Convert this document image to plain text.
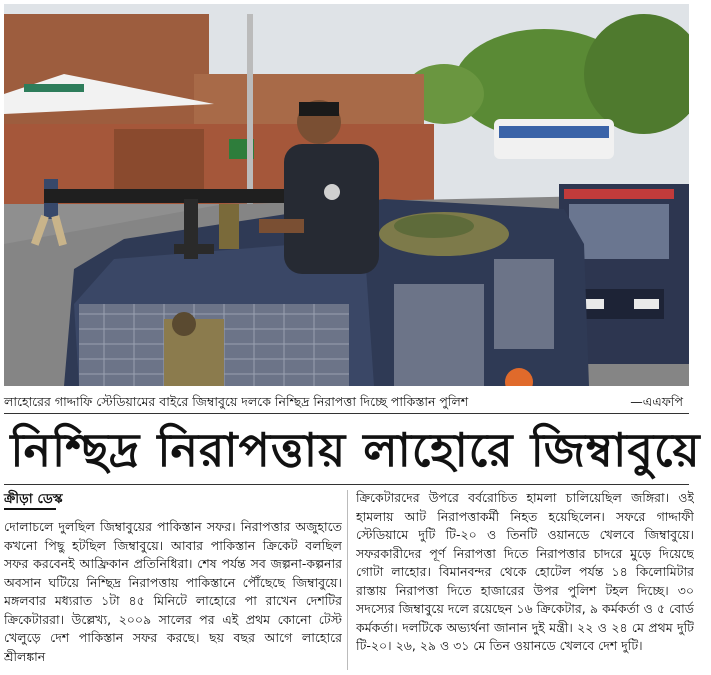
লাহোরের গাদ্দাফি স্টেডিয়ামের বাইরে জিম্বাবুয়ে দলকে নিশ্ছিদ্র নিরাপত্তা দিচ্ছে পাকিস্তান পুলিশ	—এএফপি
নিশ্ছিদ্র নিরাপত্তায় লাহোরে জিম্বাবুয়ে
ক্রীড়া ডেস্ক
দোলাচলে দুলছিল জিম্বাবুয়ের পাকিস্তান সফর। নিরাপত্তার অজুহাতে কখনো পিছু হটছিল জিম্বাবুয়ে। আবার পাকিস্তান ক্রিকেট বলছিল সফর করবেনই আফ্রিকান প্রতিনিধিরা। শেষ পর্যন্ত সব জল্পনা-কল্পনার অবসান ঘটিয়ে নিশ্ছিদ্র নিরাপত্তায় পাকিস্তানে পৌঁছেছে জিম্বাবুয়ে। মঙ্গলবার মধ্যরাত ১টা ৪৫ মিনিটে লাহোরে পা রাখেন দেশটির ক্রিকেটাররা। উল্লেখ্য, ২০০৯ সালের পর এই প্রথম কোনো টেস্ট খেলুড়ে দেশ পাকিস্তান সফর করছে। ছয় বছর আগে লাহোরে শ্রীলঙ্কান
ক্রিকেটারদের উপরে বর্বরোচিত হামলা চালিয়েছিল জঙ্গিরা। ওই হামলায় আট নিরাপত্তাকর্মী নিহত হয়েছিলেন। সফরে গাদ্দাফী স্টেডিয়ামে দুটি টি-২০ ও তিনটি ওয়ানডে খেলবে জিম্বাবুয়ে। সফরকারীদের পূর্ণ নিরাপত্তা দিতে নিরাপত্তার চাদরে মুড়ে দিয়েছে গোটা লাহোর। বিমানবন্দর থেকে হোটেল পর্যন্ত ১৪ কিলোমিটার রাস্তায় নিরাপত্তা দিতে হাজারের উপর পুলিশ টহল দিচ্ছে। ৩০ সদস্যের জিম্বাবুয়ে দলে রয়েছেন ১৬ ক্রিকেটার, ৯ কর্মকর্তা ও ৫ বোর্ড কর্মকর্তা। দলটিকে অভ্যর্থনা জানান দুই মন্ত্রী। ২২ ও ২৪ মে প্রথম দুটি টি-২০। ২৬, ২৯ ও ৩১ মে তিন ওয়ানডে খেলবে দেশ দুটি।
